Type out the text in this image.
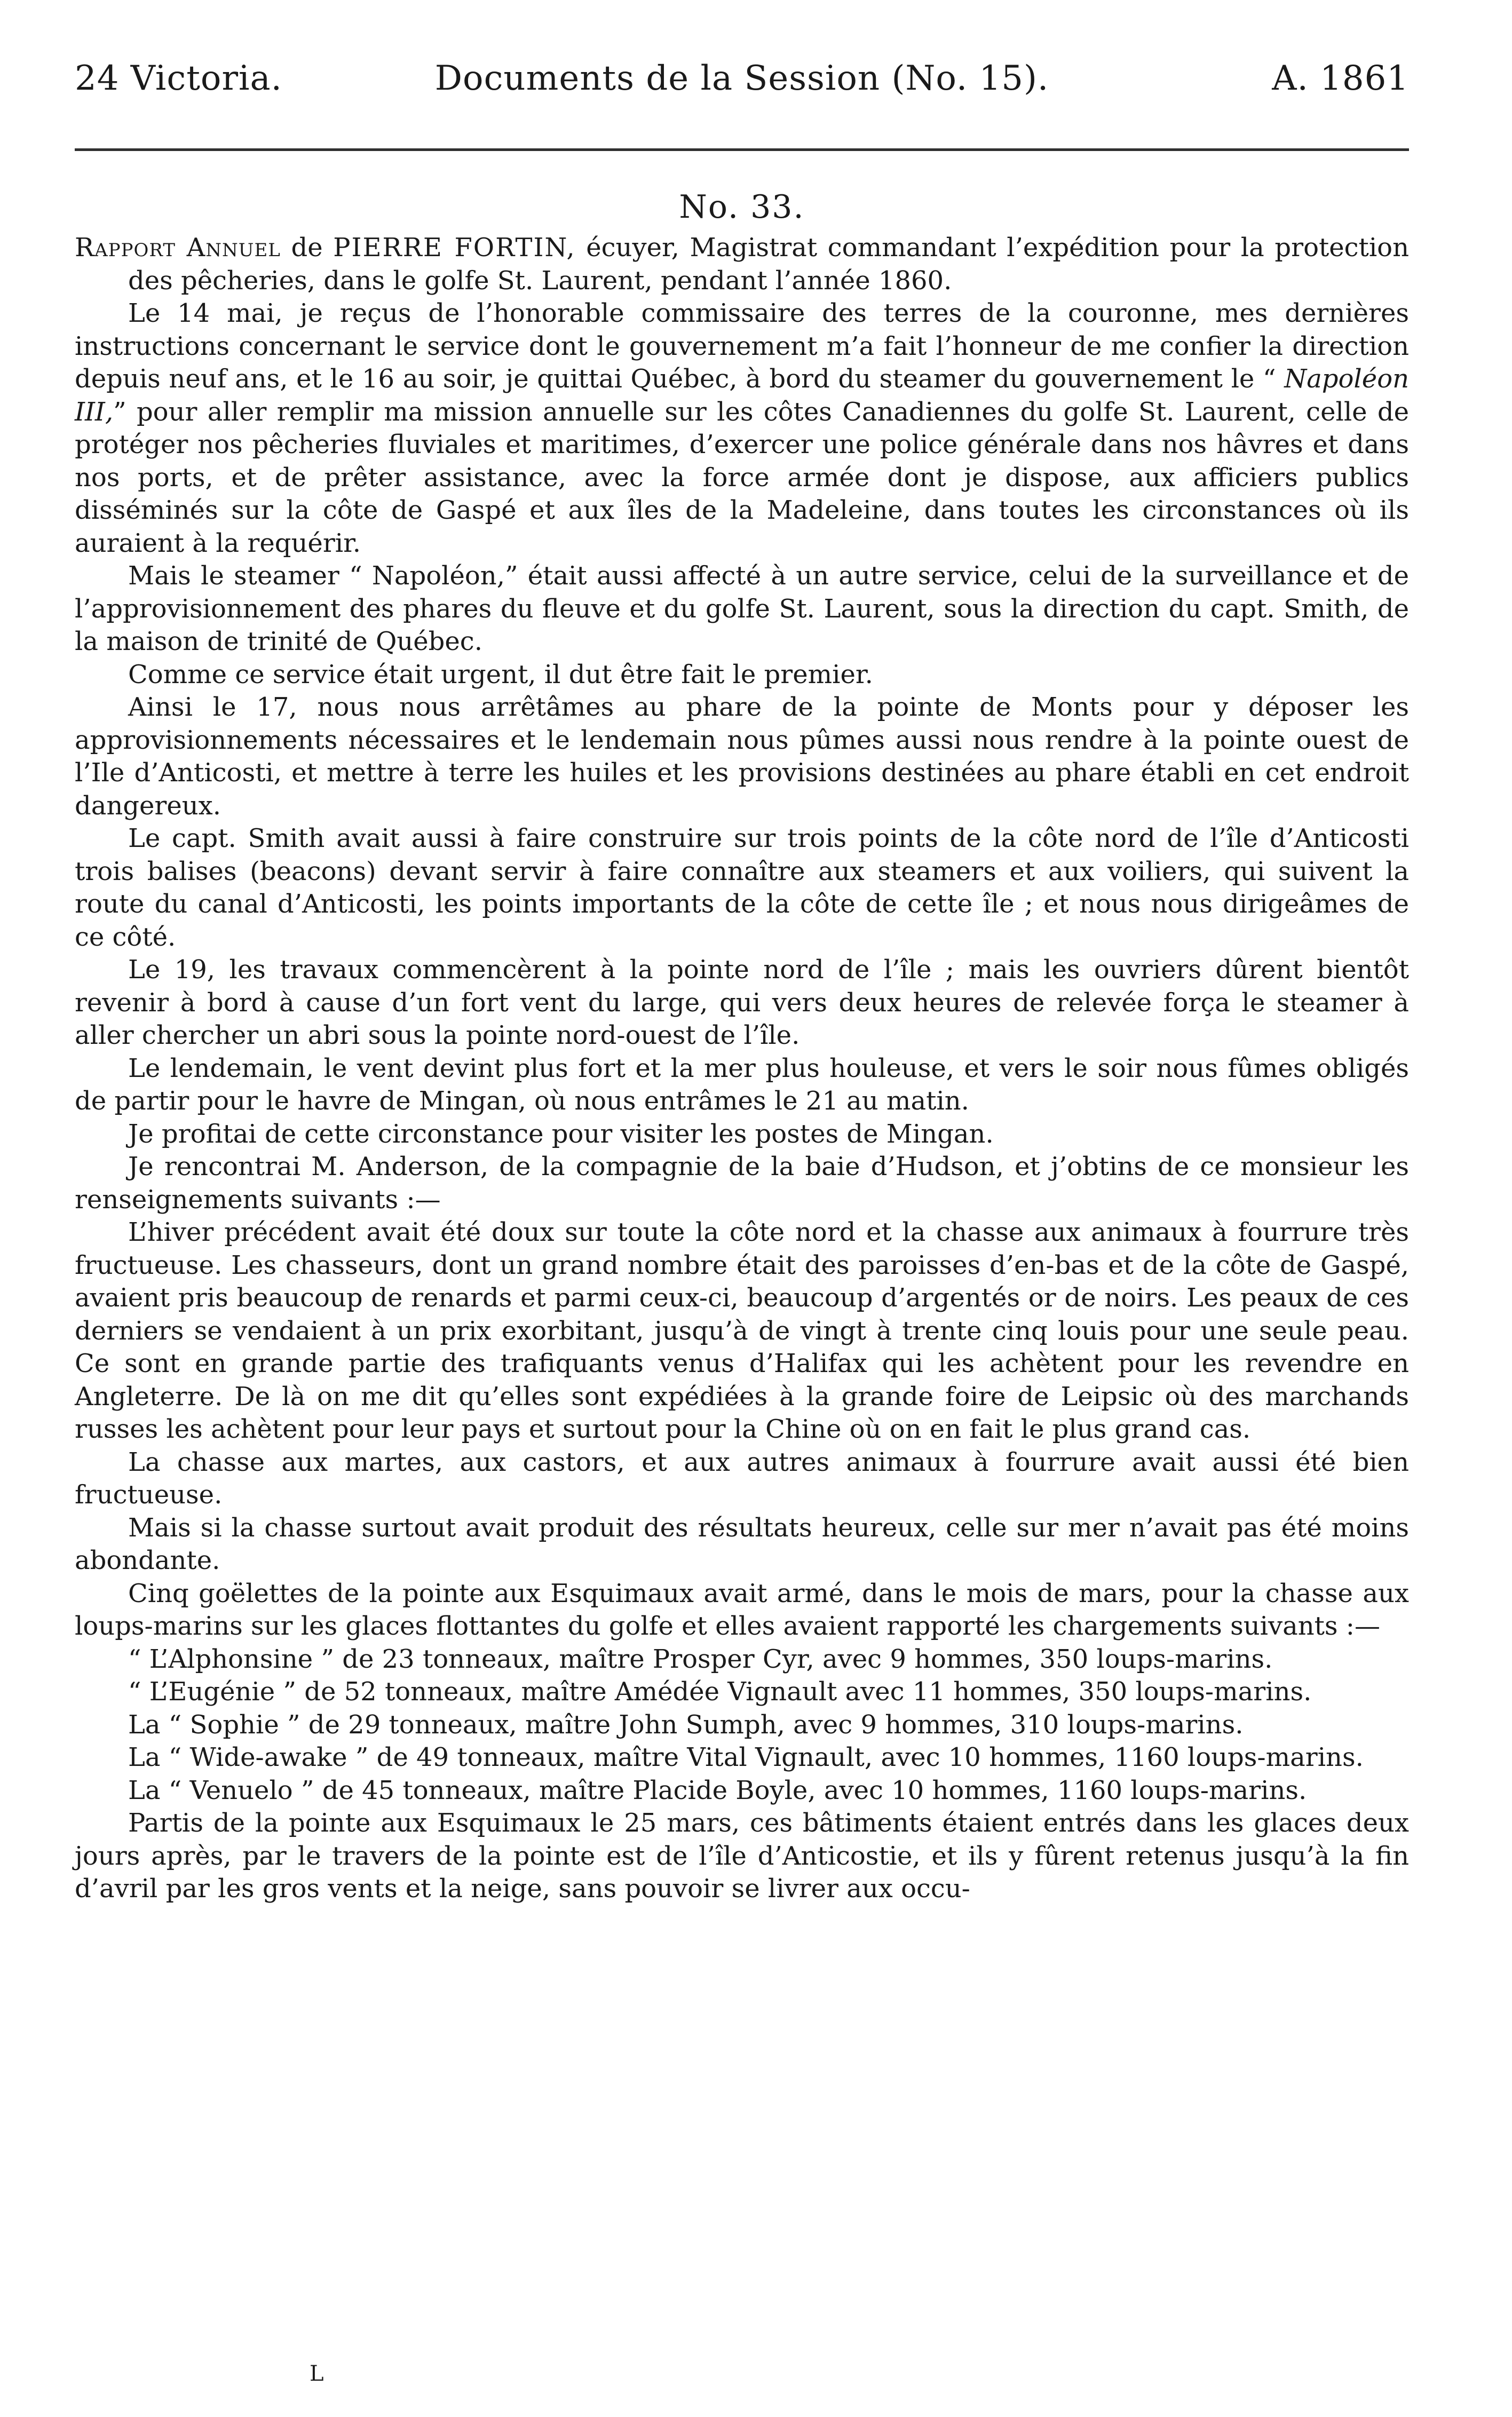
24 Victoria.	Documents de la Session (No. 15).	A. 1861
No. 33.

Rapport Annuel de PIERRE FORTIN, écuyer, Magistrat commandant l’expédition pour la protection des pêcheries, dans le golfe St. Laurent, pendant l’année 1860.

Le 14 mai, je reçus de l’honorable commissaire des terres de la couronne, mes dernières instructions concernant le service dont le gouvernement m’a fait l’honneur de me confier la direction depuis neuf ans, et le 16 au soir, je quittai Québec, à bord du steamer du gouvernement le “ Napoléon III,” pour aller remplir ma mission annuelle sur les côtes Canadiennes du golfe St. Laurent, celle de protéger nos pêcheries fluviales et maritimes, d’exercer une police générale dans nos hâvres et dans nos ports, et de prêter assistance, avec la force armée dont je dispose, aux afficiers publics disséminés sur la côte de Gaspé et aux îles de la Madeleine, dans toutes les circonstances où ils auraient à la requérir.

Mais le steamer “ Napoléon,” était aussi affecté à un autre service, celui de la surveillance et de l’approvisionnement des phares du fleuve et du golfe St. Laurent, sous la direction du capt. Smith, de la maison de trinité de Québec.

Comme ce service était urgent, il dut être fait le premier.

Ainsi le 17, nous nous arrêtâmes au phare de la pointe de Monts pour y déposer les approvisionnements nécessaires et le lendemain nous pûmes aussi nous rendre à la pointe ouest de l’Ile d’Anticosti, et mettre à terre les huiles et les provisions destinées au phare établi en cet endroit dangereux.

Le capt. Smith avait aussi à faire construire sur trois points de la côte nord de l’île d’Anticosti trois balises (beacons) devant servir à faire connaître aux steamers et aux voiliers, qui suivent la route du canal d’Anticosti, les points importants de la côte de cette île ; et nous nous dirigeâmes de ce côté.

Le 19, les travaux commencèrent à la pointe nord de l’île ; mais les ouvriers dûrent bientôt revenir à bord à cause d’un fort vent du large, qui vers deux heures de relevée força le steamer à aller chercher un abri sous la pointe nord-ouest de l’île.

Le lendemain, le vent devint plus fort et la mer plus houleuse, et vers le soir nous fûmes obligés de partir pour le havre de Mingan, où nous entrâmes le 21 au matin.

Je profitai de cette circonstance pour visiter les postes de Mingan.

Je rencontrai M. Anderson, de la compagnie de la baie d’Hudson, et j’obtins de ce monsieur les renseignements suivants :—

L’hiver précédent avait été doux sur toute la côte nord et la chasse aux animaux à fourrure très fructueuse. Les chasseurs, dont un grand nombre était des paroisses d’en-bas et de la côte de Gaspé, avaient pris beaucoup de renards et parmi ceux-ci, beaucoup d’argentés or de noirs. Les peaux de ces derniers se vendaient à un prix exorbitant, jusqu’à de vingt à trente cinq louis pour une seule peau. Ce sont en grande partie des trafiquants venus d’Halifax qui les achètent pour les revendre en Angleterre. De là on me dit qu’elles sont expédiées à la grande foire de Leipsic où des marchands russes les achètent pour leur pays et surtout pour la Chine où on en fait le plus grand cas.

La chasse aux martes, aux castors, et aux autres animaux à fourrure avait aussi été bien fructueuse.

Mais si la chasse surtout avait produit des résultats heureux, celle sur mer n’avait pas été moins abondante.

Cinq goëlettes de la pointe aux Esquimaux avait armé, dans le mois de mars, pour la chasse aux loups-marins sur les glaces flottantes du golfe et elles avaient rapporté les chargements suivants :—

“ L’Alphonsine ” de 23 tonneaux, maître Prosper Cyr, avec 9 hommes, 350 loups-marins.

“ L’Eugénie ” de 52 tonneaux, maître Amédée Vignault avec 11 hommes, 350 loups-marins.

La “ Sophie ” de 29 tonneaux, maître John Sumph, avec 9 hommes, 310 loups-marins.

La “ Wide-awake ” de 49 tonneaux, maître Vital Vignault, avec 10 hommes, 1160 loups-marins.

La “ Venuelo ” de 45 tonneaux, maître Placide Boyle, avec 10 hommes, 1160 loups-marins.

Partis de la pointe aux Esquimaux le 25 mars, ces bâtiments étaient entrés dans les glaces deux jours après, par le travers de la pointe est de l’île d’Anticostie, et ils y fûrent retenus jusqu’à la fin d’avril par les gros vents et la neige, sans pouvoir se livrer aux occu-

L
